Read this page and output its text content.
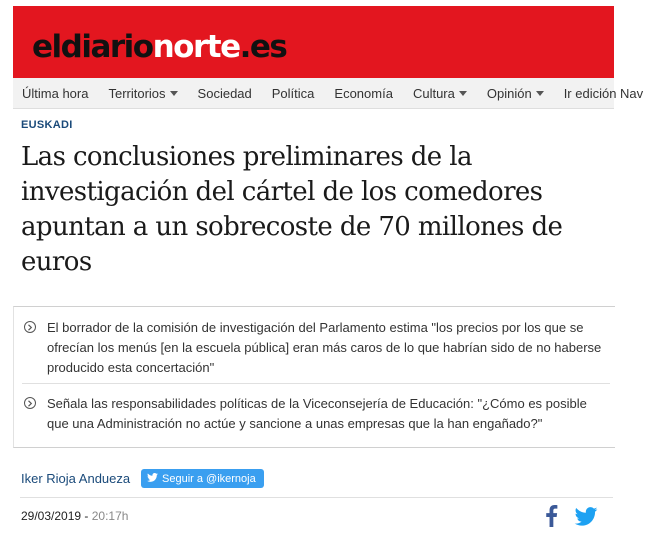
eldiarionorte.es
Última hora Territorios Sociedad Política Economía Cultura Opinión Ir edición Nav
EUSKADI
Las conclusiones preliminares de la investigación del cártel de los comedores apuntan a un sobrecoste de 70 millones de euros
El borrador de la comisión de investigación del Parlamento estima "los precios por los que se ofrecían los menús [en la escuela pública] eran más caros de lo que habrían sido de no haberse producido esta concertación"
Señala las responsabilidades políticas de la Viceconsejería de Educación: "¿Cómo es posible que una Administración no actúe y sancione a unas empresas que la han engañado?"
Iker Rioja Andueza	Seguir a @ikernoja
29/03/2019 - 20:17h
